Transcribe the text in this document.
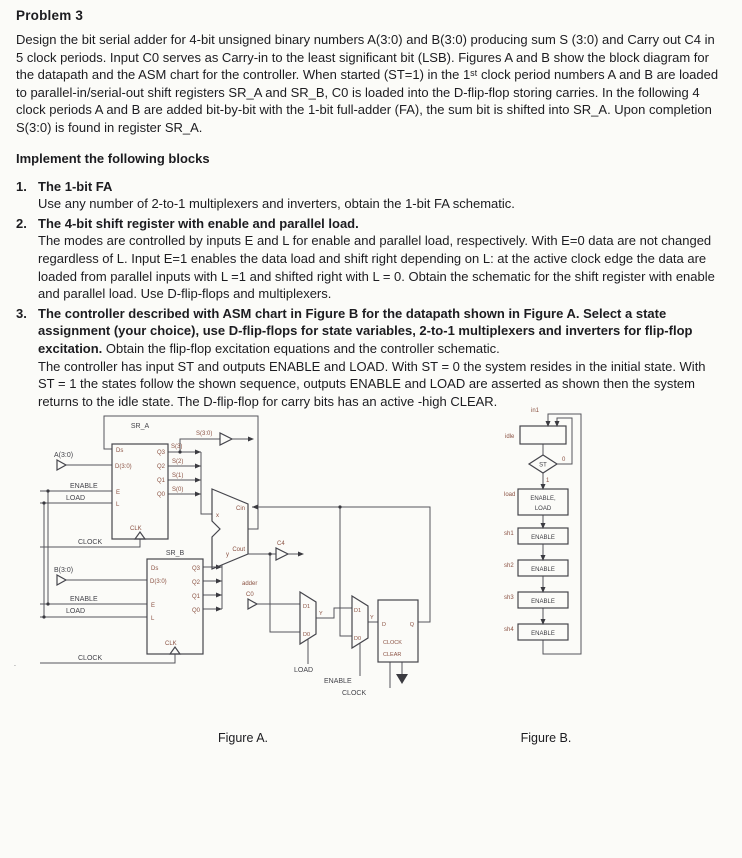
Problem 3

Design the bit serial adder for 4-bit unsigned binary numbers A(3:0) and B(3:0) producing sum S (3:0) and Carry out C4 in 5 clock periods. Input C0 serves as Carry-in to the least significant bit (LSB). Figures A and B show the block diagram for the datapath and the ASM chart for the controller. When started (ST=1) in the 1ˢᵗ clock period numbers A and B are loaded to parallel-in/serial-out shift registers SR_A and SR_B, C0 is loaded into the D-flip-flop storing carries. In the following 4 clock periods A and B are added bit-by-bit with the 1-bit full-adder (FA), the sum bit is shifted into SR_A. Upon completion S(3:0) is found in register SR_A.

Implement the following blocks
1. The 1-bit FA
Use any number of 2-to-1 multiplexers and inverters, obtain the 1-bit FA schematic.
2. The 4-bit shift register with enable and parallel load.
The modes are controlled by inputs E and L for enable and parallel load, respectively. With E=0 data are not changed regardless of L. Input E=1 enables the data load and shift right depending on L: at the active clock edge the data are loaded from parallel inputs with L =1 and shifted right with L = 0. Obtain the schematic for the shift register with enable and parallel load. Use D-flip-flops and multiplexers.
3. The controller described with ASM chart in Figure B for the datapath shown in Figure A. Select a state assignment (your choice), use D-flip-flops for state variables, 2-to-1 multiplexers and inverters for flip-flop excitation. Obtain the flip-flop excitation equations and the controller schematic.
The controller has input ST and outputs ENABLE and LOAD. With ST = 0 the system resides in the initial state. With ST = 1 the states follow the shown sequence, outputs ENABLE and LOAD are asserted as shown then the system returns to the idle state. The D-flip-flop for carry bits has an active -high CLEAR.
SR_A
Ds
D(3:0)
E
L
CLK
Q3
Q2
Q1
Q0
S(3)
S(2)
S(1)
S(0)
S(3:0)
A(3:0)
ENABLE
LOAD
CLOCK
SR_B
Ds
D(3:0)
E
L
CLK
Q3
Q2
Q1
Q0
B(3:0)
ENABLE
LOAD
CLOCK
adder
x
y
Cin
Cout
C4
C0
D1
D0
Y	D1
D0
Y
D	Q
CLOCK
CLEAR
LOAD
ENABLE
CLOCK
.
in1
idle
ST
0
1
load
ENABLE,
LOAD
sh1
ENABLE
sh2
ENABLE
sh3
ENABLE
sh4
ENABLE
Figure A.	Figure B.
